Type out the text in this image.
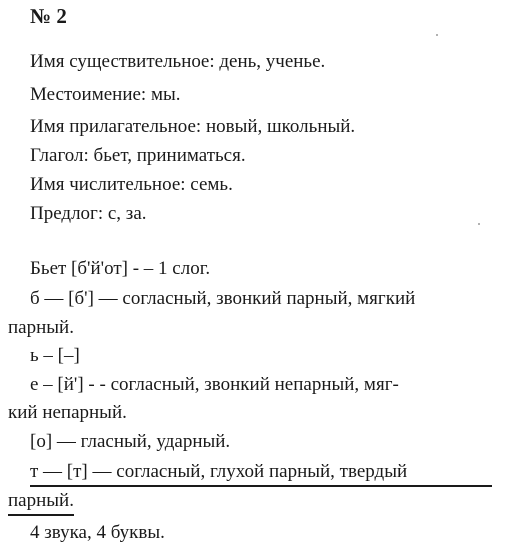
№ 2
Имя существительноe: день, ученье.
Местоимение: мы.
Имя прилагательное: новый, школьный.
Глагол: бьет, приниматься.
Имя числительное: семь.
Предлог: с, за.
Бьет [б'й'от] - – 1 слог.
б — [б'] — согласный, звонкий парный, мягкий
парный.
ь – [–]
е – [й'] - - согласный, звонкий непарный, мяг-
кий непарный.
[о] — гласный, ударный.
т — [т] — согласный, глухой парный, твердый
парный.
4 звука, 4 буквы.
